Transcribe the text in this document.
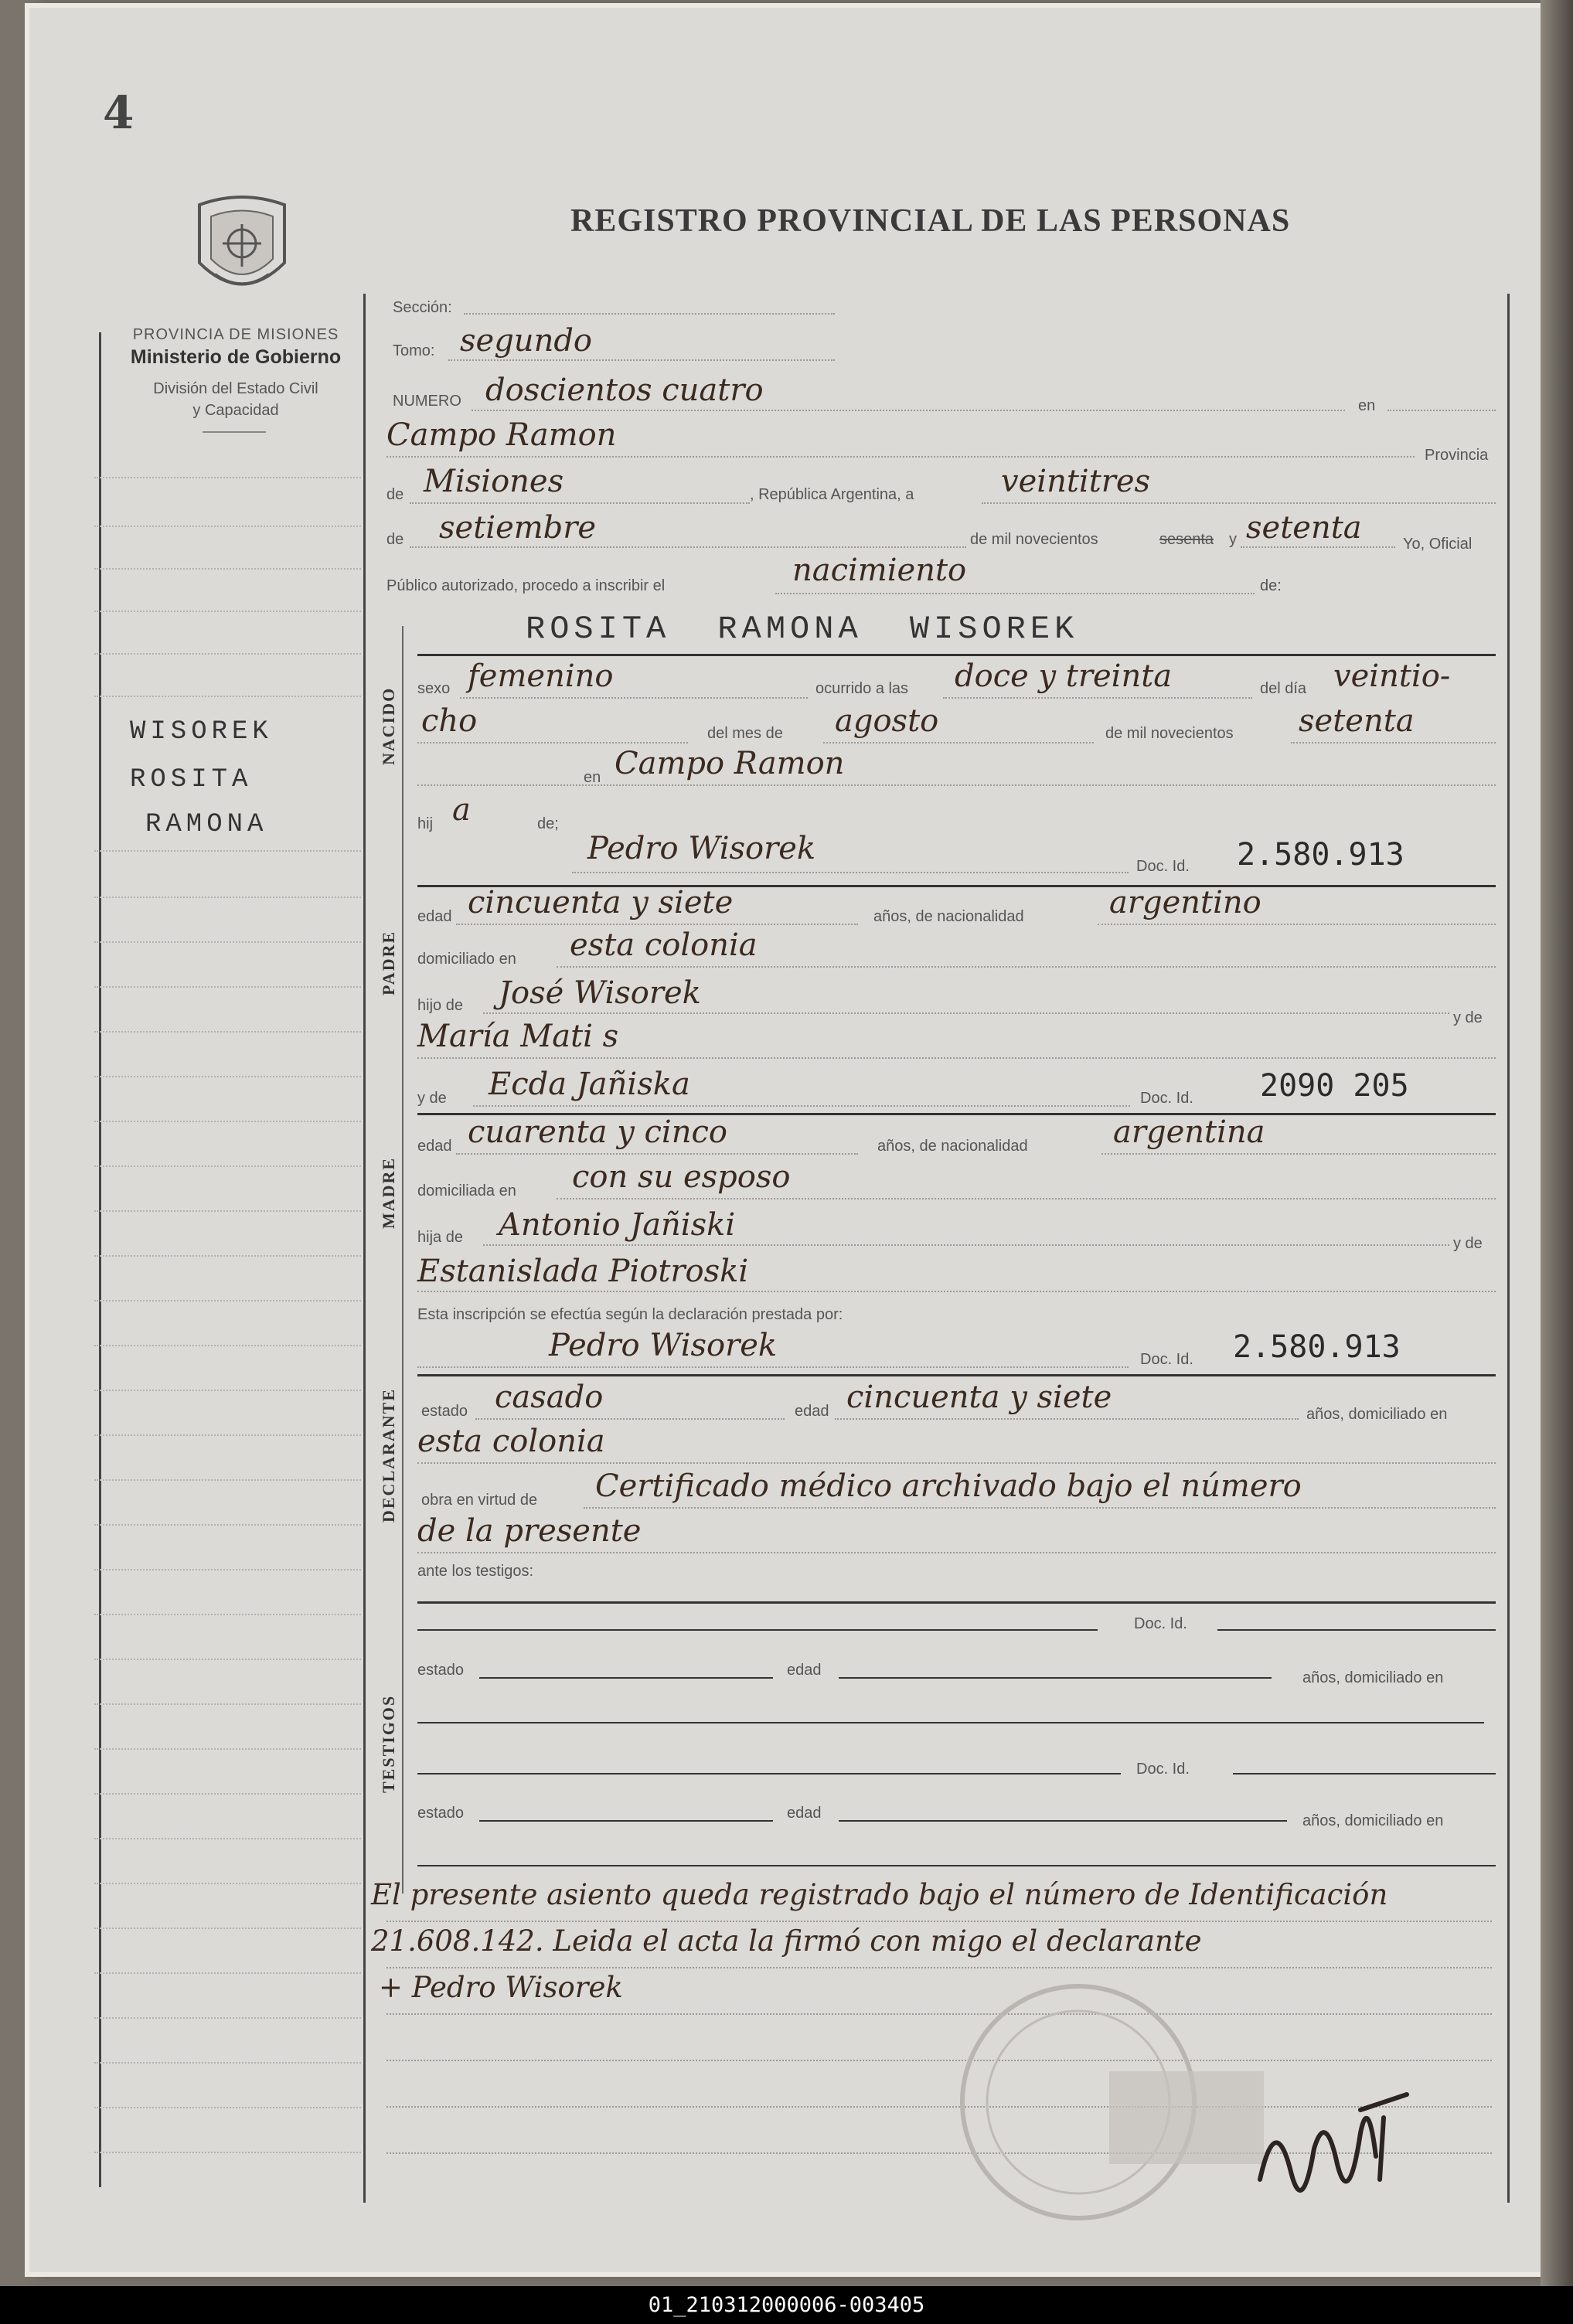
4
REGISTRO PROVINCIAL DE LAS PERSONAS
PROVINCIA DE MISIONES
Ministerio de Gobierno
División del Estado Civil
y Capacidad
WISOREK
ROSITA
RAMONA
Sección:
Tomo: segundo
NUMERO doscientos cuatro	en
Campo Ramon
Provincia
de Misiones	, República Argentina, a	veintitres
de setiembre	de mil novecientos	sesenta y setenta	Yo, Oficial
Público autorizado, procedo a inscribir el	nacimiento	de:
NACIDO
ROSITA RAMONA WISOREK
sexo femenino	ocurrido a las doce y treinta	del día veintio-
cho	del mes de agosto	de mil novecientos setenta
en Campo Ramon
hij a	de;
Pedro Wisorek	Doc. Id. 2.580.913
PADRE
edad cincuenta y siete	años, de nacionalidad	argentino
domiciliado en esta colonia
hijo de José Wisorek
y de
María Mati s
y de Ecda Jañiska	Doc. Id. 2090 205
MADRE
edad cuarenta y cinco	años, de nacionalidad	argentina
domiciliada en con su esposo
hija de Antonio Jañiski
y de
Estanislada Piotroski
Esta inscripción se efectúa según la declaración prestada por:
Pedro Wisorek	Doc. Id. 2.580.913
DECLARANTE estado casado	edad cincuenta y siete	años, domiciliado en
esta colonia
obra en virtud de Certificado médico archivado bajo el número
de la presente
ante los testigos:
TESTIGOS
Doc. Id.
estado	edad	años, domiciliado en
Doc. Id.
estado	edad	años, domiciliado en
El presente asiento queda registrado bajo el número de Identificación
21.608.142. Leida el acta la firmó con migo el declarante
+ Pedro Wisorek
01_210312000006-003405
